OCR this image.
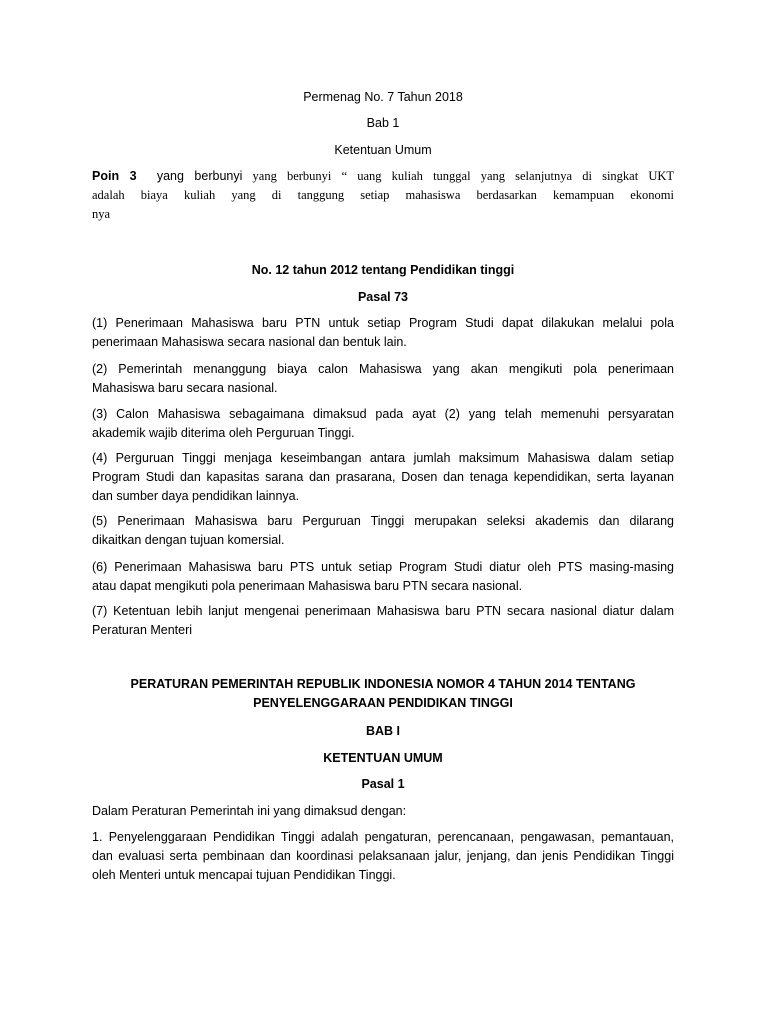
Permenag No. 7 Tahun 2018

Bab 1

Ketentuan Umum

Poin 3 yang berbunyi yang berbunyi “ uang kuliah tunggal yang selanjutnya di singkat UKT
adalah biaya kuliah yang di tanggung setiap mahasiswa berdasarkan kemampuan ekonomi
nya

No. 12 tahun 2012 tentang Pendidikan tinggi

Pasal 73

(1) Penerimaan Mahasiswa baru PTN untuk setiap Program Studi dapat dilakukan melalui pola
penerimaan Mahasiswa secara nasional dan bentuk lain.
(2) Pemerintah menanggung biaya calon Mahasiswa yang akan mengikuti pola penerimaan
Mahasiswa baru secara nasional.
(3) Calon Mahasiswa sebagaimana dimaksud pada ayat (2) yang telah memenuhi persyaratan
akademik wajib diterima oleh Perguruan Tinggi.
(4) Perguruan Tinggi menjaga keseimbangan antara jumlah maksimum Mahasiswa dalam setiap
Program Studi dan kapasitas sarana dan prasarana, Dosen dan tenaga kependidikan, serta layanan
dan sumber daya pendidikan lainnya.
(5) Penerimaan Mahasiswa baru Perguruan Tinggi merupakan seleksi akademis dan dilarang
dikaitkan dengan tujuan komersial.
(6) Penerimaan Mahasiswa baru PTS untuk setiap Program Studi diatur oleh PTS masing-masing
atau dapat mengikuti pola penerimaan Mahasiswa baru PTN secara nasional.
(7) Ketentuan lebih lanjut mengenai penerimaan Mahasiswa baru PTN secara nasional diatur dalam
Peraturan Menteri

PERATURAN PEMERINTAH REPUBLIK INDONESIA NOMOR 4 TAHUN 2014 TENTANG

PENYELENGGARAAN PENDIDIKAN TINGGI

BAB I

KETENTUAN UMUM

Pasal 1

Dalam Peraturan Pemerintah ini yang dimaksud dengan:

1. Penyelenggaraan Pendidikan Tinggi adalah pengaturan, perencanaan, pengawasan, pemantauan,
dan evaluasi serta pembinaan dan koordinasi pelaksanaan jalur, jenjang, dan jenis Pendidikan Tinggi
oleh Menteri untuk mencapai tujuan Pendidikan Tinggi.
